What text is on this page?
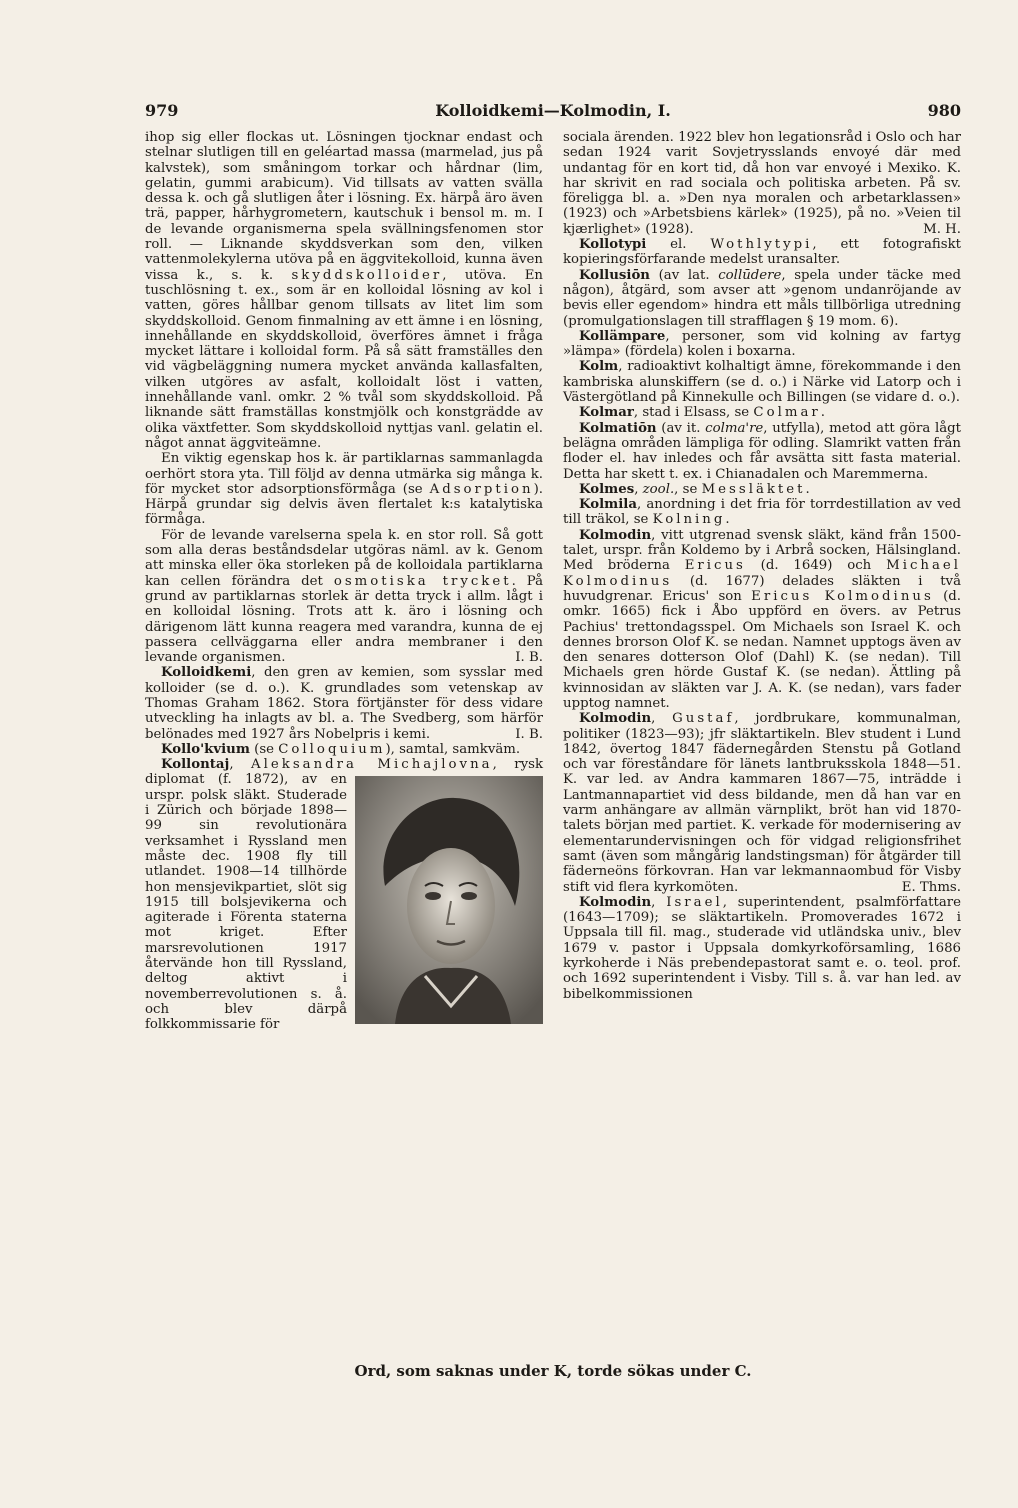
979	Kolloidkemi—Kolmodin, I.	980

ihop sig eller flockas ut. Lösningen tjocknar endast och stelnar slutligen till en geléartad massa (marmelad, jus på kalvstek), som småningom torkar och hårdnar (lim, gelatin, gummi arabicum). Vid tillsats av vatten svälla dessa k. och gå slutligen åter i lösning. Ex. härpå äro även trä, papper, hårhygrometern, kautschuk i bensol m. m. I de levande organismerna spela svällningsfenomen stor roll. — Liknande skyddsverkan som den, vilken vattenmolekylerna utöva på en äggvitekolloid, kunna även vissa k., s. k. skyddskolloider, utöva. En tuschlösning t. ex., som är en kolloidal lösning av kol i vatten, göres hållbar genom tillsats av litet lim som skyddskolloid. Genom finmalning av ett ämne i en lösning, innehållande en skyddskolloid, överföres ämnet i fråga mycket lättare i kolloidal form. På så sätt framställes den vid vägbeläggning numera mycket använda kallasfalten, vilken utgöres av asfalt, kolloidalt löst i vatten, innehållande vanl. omkr. 2 % tvål som skyddskolloid. På liknande sätt framställas konstmjölk och konstgrädde av olika växtfetter. Som skyddskolloid nyttjas vanl. gelatin el. något annat äggviteämne.

En viktig egenskap hos k. är partiklarnas sammanlagda oerhört stora yta. Till följd av denna utmärka sig många k. för mycket stor adsorptionsförmåga (se Adsorption). Härpå grundar sig delvis även flertalet k:s katalytiska förmåga.

För de levande varelserna spela k. en stor roll. Så gott som alla deras beståndsdelar utgöras näml. av k. Genom att minska eller öka storleken på de kolloidala partiklarna kan cellen förändra det osmotiska trycket. På grund av partiklarnas storlek är detta tryck i allm. lågt i en kolloidal lösning. Trots att k. äro i lösning och därigenom lätt kunna reagera med varandra, kunna de ej passera cellväggarna eller andra membraner i den levande organismen.	I. B.

Kolloidkemi, den gren av kemien, som sysslar med kolloider (se d. o.). K. grundlades som vetenskap av Thomas Graham 1862. Stora förtjänster för dess vidare utveckling ha inlagts av bl. a. The Svedberg, som härför belönades med 1927 års Nobelpris i kemi.	I. B.

Kollo'kvium (se Colloquium), samtal, samkväm.

Kollontaj, Aleksandra Michajlovna
, rysk diplomat (f. 1872), av en urspr. polsk släkt. Studerade i Zürich och började 1898—99 sin revolutionära verksamhet i Ryssland men måste dec. 1908 fly till utlandet. 1908—14 tillhörde hon mensjevikpartiet, slöt sig 1915 till bolsjevikerna och agiterade i Förenta staterna mot kriget. Efter marsrevolutionen 1917 återvände hon till Ryssland, deltog aktivt i novemberrevolutionen s. å. och blev därpå folkkommissarie för

sociala ärenden. 1922 blev hon legationsråd i Oslo och har sedan 1924 varit Sovjetrysslands envoyé där med undantag för en kort tid, då hon var envoyé i Mexiko. K. har skrivit en rad sociala och politiska arbeten. På sv. föreligga bl. a. »Den nya moralen och arbetarklassen» (1923) och »Arbetsbiens kärlek» (1925), på no. »Veien til kjærlighet» (1928).	M. H.

Kollotypi el. Wothlytypi, ett fotografiskt kopieringsförfarande medelst uransalter.

Kollusiōn (av lat. collūdere, spela under täcke med någon), åtgärd, som avser att »genom undanröjande av bevis eller egendom» hindra ett måls tillbörliga utredning (promulgationslagen till strafflagen § 19 mom. 6).

Kollämpare, personer, som vid kolning av fartyg »lämpa» (fördela) kolen i boxarna.

Kolm, radioaktivt kolhaltigt ämne, förekommande i den kambriska alunskiffern (se d. o.) i Närke vid Latorp och i Västergötland på Kinnekulle och Billingen (se vidare d. o.).

Kolmar, stad i Elsass, se Colmar.

Kolmatiōn (av it. colma're, utfylla), metod att göra lågt belägna områden lämpliga för odling. Slamrikt vatten från floder el. hav inledes och får avsätta sitt fasta material. Detta har skett t. ex. i Chianadalen och Maremmerna.

Kolmes, zool., se Messläktet.

Kolmila, anordning i det fria för torrdestillation av ved till träkol, se Kolning.

Kolmodin, vitt utgrenad svensk släkt, känd från 1500-talet, urspr. från Koldemo by i Arbrå socken, Hälsingland. Med bröderna Ericus (d. 1649) och Michael Kolmodinus (d. 1677) delades släkten i två huvudgrenar. Ericus' son Ericus Kolmodinus (d. omkr. 1665) fick i Åbo uppförd en övers. av Petrus Pachius' trettondagsspel. Om Michaels son Israel K. och dennes brorson Olof K. se nedan. Namnet upptogs även av den senares dotterson Olof (Dahl) K. (se nedan). Till Michaels gren hörde Gustaf K. (se nedan). Ättling på kvinnosidan av släkten var J. A. K. (se nedan), vars fader upptog namnet.

Kolmodin, Gustaf, jordbrukare, kommunalman, politiker (1823—93); jfr släktartikeln. Blev student i Lund 1842, övertog 1847 fädernegården Stenstu på Gotland och var föreståndare för länets lantbruksskola 1848—51. K. var led. av Andra kammaren 1867—75, inträdde i Lantmannapartiet vid dess bildande, men då han var en varm anhängare av allmän värnplikt, bröt han vid 1870-talets början med partiet. K. verkade för modernisering av elementarundervisningen och för vidgad religionsfrihet samt (även som mångårig landstingsman) för åtgärder till fäderneöns förkovran. Han var lekmannaombud för Visby stift vid flera kyrkomöten.	E. Thms.

Kolmodin, Israel, superintendent, psalmförfattare (1643—1709); se släktartikeln. Promoverades 1672 i Uppsala till fil. mag., studerade vid utländska univ., blev 1679 v. pastor i Uppsala domkyrkoförsamling, 1686 kyrkoherde i Näs prebendepastorat samt e. o. teol. prof. och 1692 superintendent i Visby. Till s. å. var han led. av bibelkommissionen

Ord, som saknas under K, torde sökas under C.
